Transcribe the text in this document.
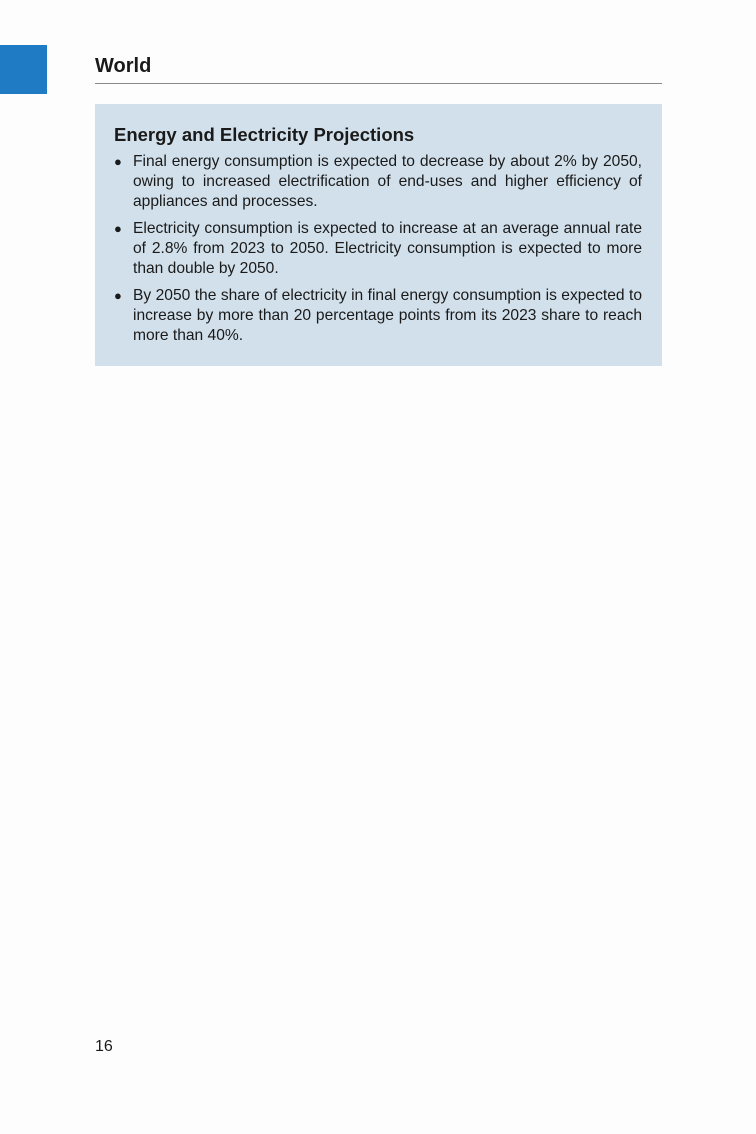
World
Energy and Electricity Projections
● Final energy consumption is expected to decrease by about 2% by 2050, owing to increased electrification of end-uses and higher efficiency of appliances and processes.
● Electricity consumption is expected to increase at an average annual rate of 2.8% from 2023 to 2050. Electricity consumption is expected to more than double by 2050.
● By 2050 the share of electricity in final energy consumption is expected to increase by more than 20 percentage points from its 2023 share to reach more than 40%.
16
